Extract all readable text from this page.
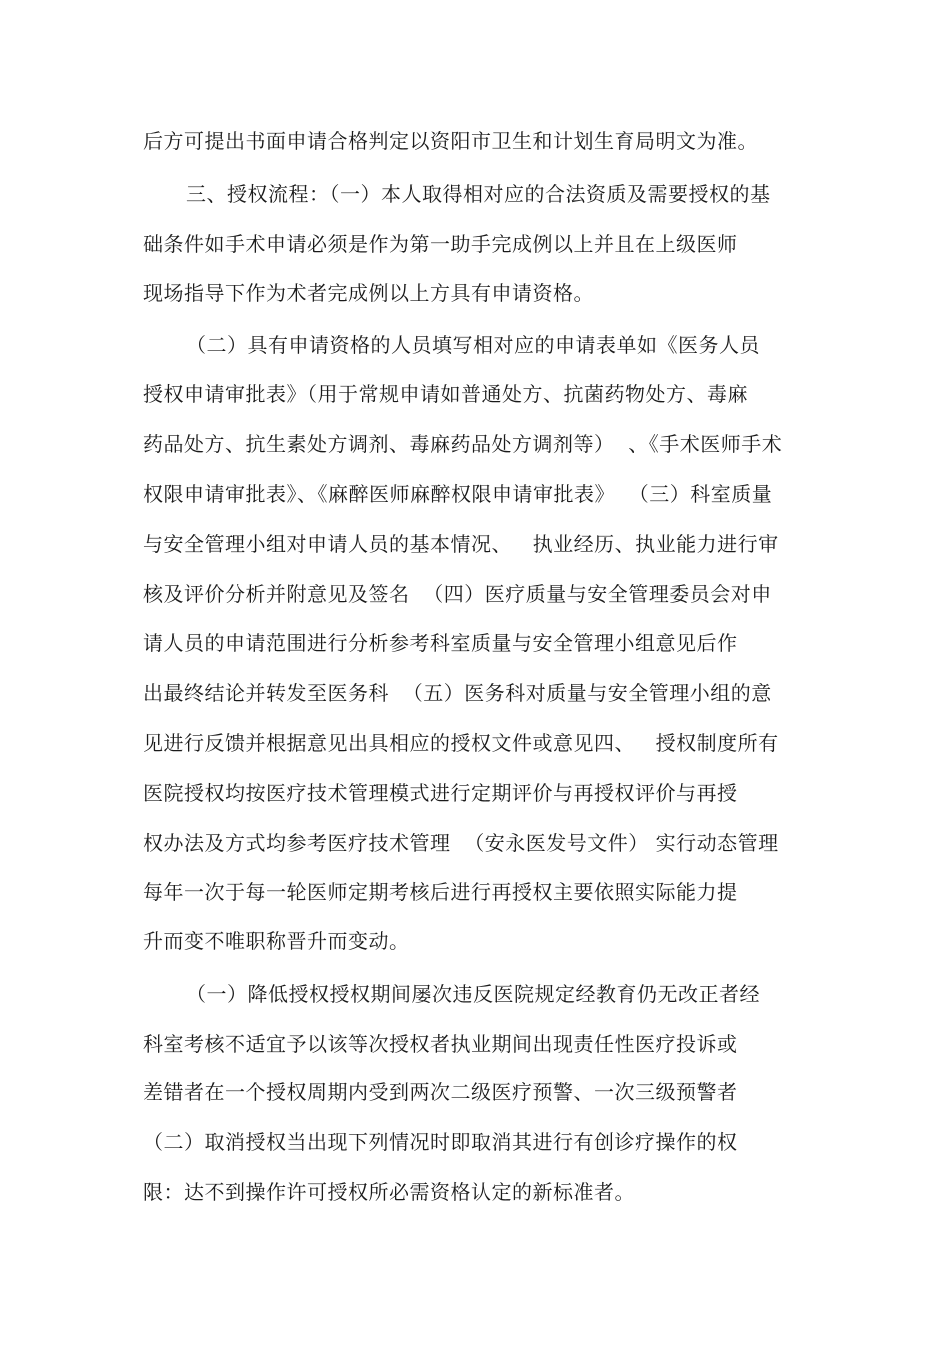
后方可提出书面申请合格判定以资阳市卫生和计划生育局明文为准。
三、授权流程：（一）本人取得相对应的合法资质及需要授权的基
础条件如手术申请必须是作为第一助手完成例以上并且在上级医师
现场指导下作为术者完成例以上方具有申请资格。
（二）具有申请资格的人员填写相对应的申请表单如《医务人员
授权申请审批表》（用于常规申请如普通处方、抗菌药物处方、毒麻
药品处方、抗生素处方调剂、毒麻药品处方调剂等）  、《手术医师手术
权限申请审批表》、《麻醉医师麻醉权限申请审批表》  （三）科室质量
与安全管理小组对申请人员的基本情况、   执业经历、执业能力进行审
核及评价分析并附意见及签名  （四）医疗质量与安全管理委员会对申
请人员的申请范围进行分析参考科室质量与安全管理小组意见后作
出最终结论并转发至医务科  （五）医务科对质量与安全管理小组的意
见进行反馈并根据意见出具相应的授权文件或意见四、   授权制度所有
医院授权均按医疗技术管理模式进行定期评价与再授权评价与再授
权办法及方式均参考医疗技术管理  （安永医发号文件） 实行动态管理
每年一次于每一轮医师定期考核后进行再授权主要依照实际能力提
升而变不唯职称晋升而变动。
（一）降低授权授权期间屡次违反医院规定经教育仍无改正者经
科室考核不适宜予以该等次授权者执业期间出现责任性医疗投诉或
差错者在一个授权周期内受到两次二级医疗预警、一次三级预警者
（二）取消授权当出现下列情况时即取消其进行有创诊疗操作的权
限：达不到操作许可授权所必需资格认定的新标准者。
